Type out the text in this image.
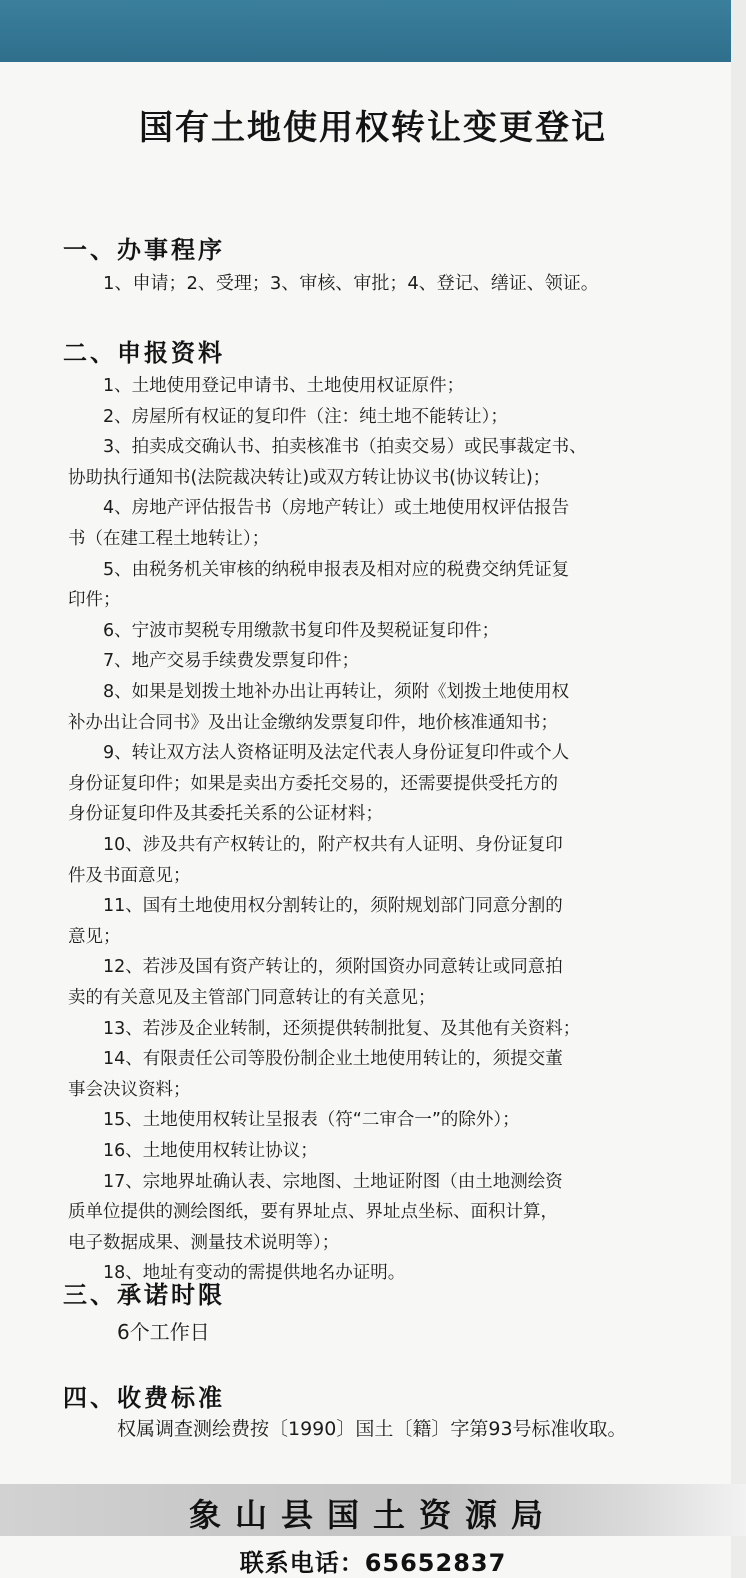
国有土地使用权转让变更登记
一、办事程序
1、申请；2、受理；3、审核、审批；4、登记、缮证、领证。
二、申报资料
1、土地使用登记申请书、土地使用权证原件；
2、房屋所有权证的复印件（注：纯土地不能转让）；
3、拍卖成交确认书、拍卖核准书（拍卖交易）或民事裁定书、
协助执行通知书(法院裁决转让)或双方转让协议书(协议转让)；
4、房地产评估报告书（房地产转让）或土地使用权评估报告
书（在建工程土地转让）；
5、由税务机关审核的纳税申报表及相对应的税费交纳凭证复
印件；
6、宁波市契税专用缴款书复印件及契税证复印件；
7、地产交易手续费发票复印件；
8、如果是划拨土地补办出让再转让，须附《划拨土地使用权
补办出让合同书》及出让金缴纳发票复印件，地价核准通知书；
9、转让双方法人资格证明及法定代表人身份证复印件或个人
身份证复印件；如果是卖出方委托交易的，还需要提供受托方的
身份证复印件及其委托关系的公证材料；
10、涉及共有产权转让的，附产权共有人证明、身份证复印
件及书面意见；
11、国有土地使用权分割转让的，须附规划部门同意分割的
意见；
12、若涉及国有资产转让的，须附国资办同意转让或同意拍
卖的有关意见及主管部门同意转让的有关意见；
13、若涉及企业转制，还须提供转制批复、及其他有关资料；
14、有限责任公司等股份制企业土地使用转让的，须提交董
事会决议资料；
15、土地使用权转让呈报表（符“二审合一”的除外）；
16、土地使用权转让协议；
17、宗地界址确认表、宗地图、土地证附图（由土地测绘资
质单位提供的测绘图纸，要有界址点、界址点坐标、面积计算，
电子数据成果、测量技术说明等）；
18、地址有变动的需提供地名办证明。
三、承诺时限
6个工作日
四、收费标准
权属调查测绘费按〔1990〕国土〔籍〕字第93号标准收取。
象山县国土资源局
联系电话：65652837
